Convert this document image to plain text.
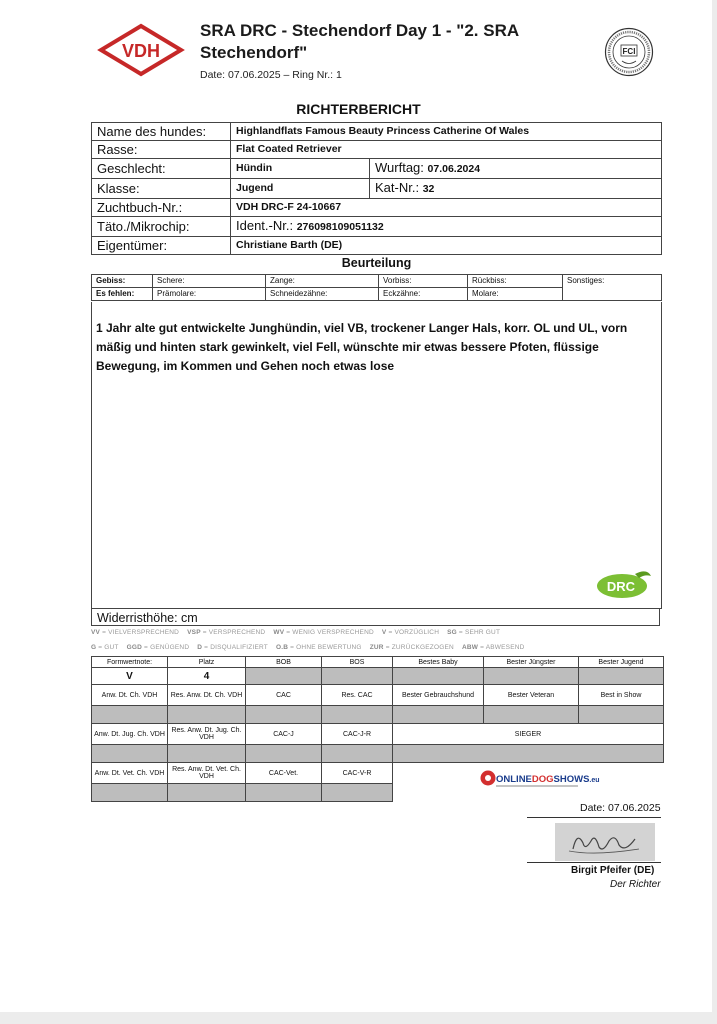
VDH
SRA DRC - Stechendorf Day 1 - "2. SRA Stechendorf"
Date: 07.06.2025 – Ring Nr.: 1
FCI
RICHTERBERICHT
Name des hundes:	Highlandflats Famous Beauty Princess Catherine Of Wales	
Rasse:	Flat Coated Retriever	
Geschlecht:	Hündin	Wurftag: 07.06.2024
Klasse:	Jugend	Kat-Nr.: 32
Zuchtbuch-Nr.:	VDH DRC-F 24-10667	
Täto./Mikrochip:	Ident.-Nr.: 276098109051132	
Eigentümer:	Christiane Barth (DE)	
Beurteilung
Gebiss:	Schere:	Zange:	Vorbiss:	Rückbiss:	Sonstiges:
Es fehlen:	Prämolare:	Schneidezähne:	Eckzähne:	Molare:	
1 Jahr alte gut entwickelte Junghündin, viel VB, trockener Langer Hals, korr. OL und UL, vorn mäßig und hinten stark gewinkelt, viel Fell, wünschte mir etwas bessere Pfoten, flüssige Bewegung, im Kommen und Gehen noch etwas lose
DRC
Widerristhöhe: cm
VV = VIELVERSPRECHEND VSP = VERSPRECHEND WV = WENIG VERSPRECHEND V = VORZÜGLICH SG = SEHR GUT
G = GUT GGD = GENÜGEND D = DISQUALIFIZIERT O.B = OHNE BEWERTUNG ZUR = ZURÜCKGEZOGEN ABW = ABWESEND
Formwertnote:	Platz	BOB	BOS	Bestes Baby	Bester Jüngster	Bester Jugend
V	4					
Anw. Dt. Ch. VDH	Res. Anw. Dt. Ch. VDH	CAC	Res. CAC	Bester Gebrauchshund	Bester Veteran	Best in Show

Anw. Dt. Jug. Ch. VDH	Res. Anw. Dt. Jug. Ch. VDH	CAC-J	CAC-J-R	SIEGER		

Anw. Dt. Vet. Ch. VDH	Res. Anw. Dt. Vet. Ch. VDH	CAC-Vet.	CAC-V-R			

ONLINEDOGSHOWS.eu
Date: 07.06.2025
Birgit Pfeifer (DE)
Der Richter
